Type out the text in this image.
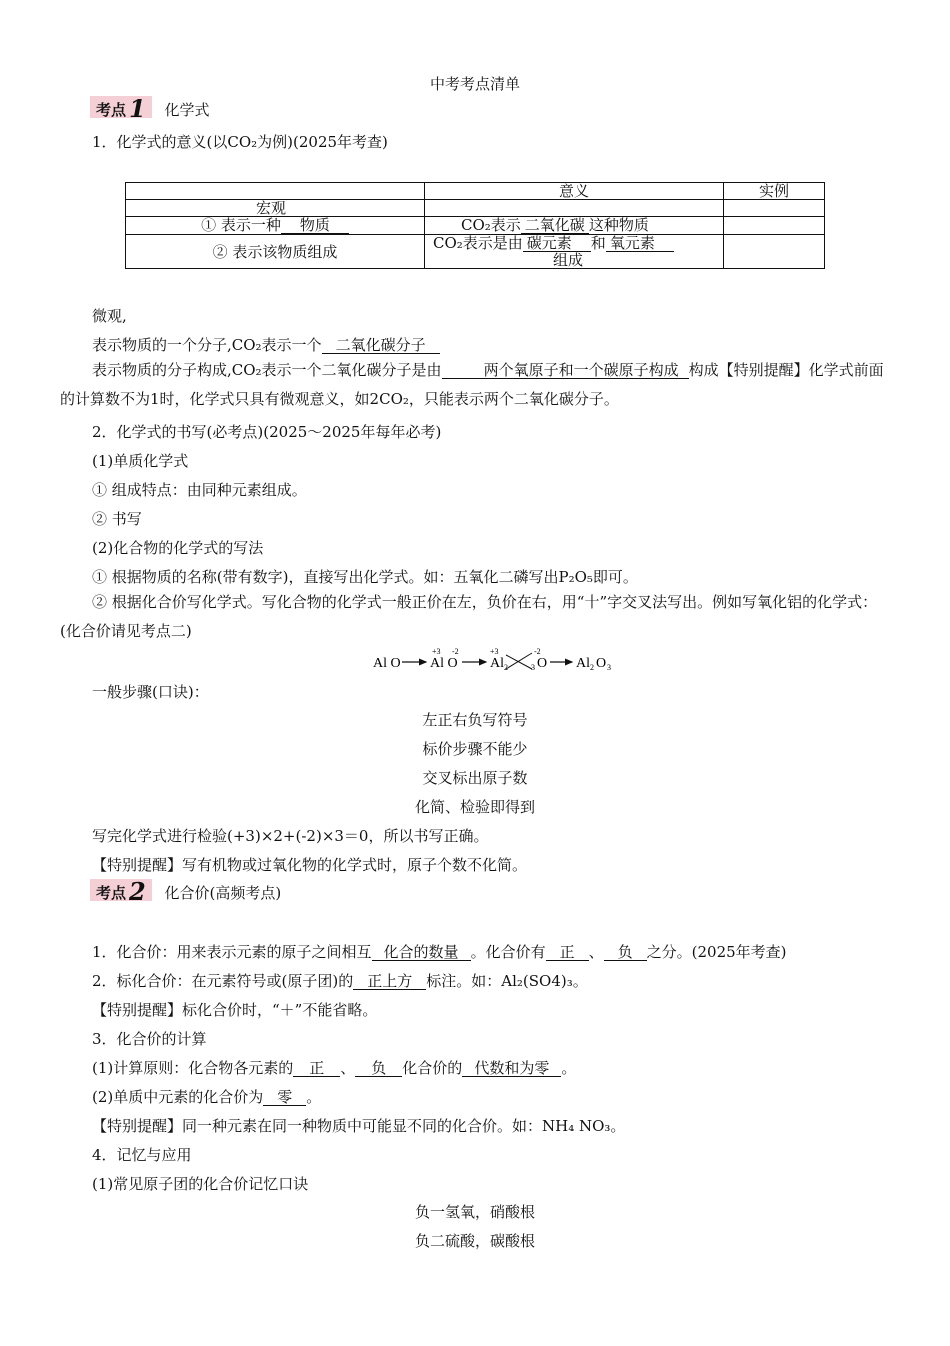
中考考点清单
考点 1 化学式
1．化学式的意义(以CO₂为例)(2025年考查)
	意义	实例
宏观		
① 表示一种 物质	CO₂表示 二氧化碳 这种物质	
② 表示该物质组成	CO₂表示是由 碳元素 和 氧元素
组成	
微观,
表示物质的一个分子,CO₂表示一个 二氧化碳分子
表示物质的分子构成,CO₂表示一个二氧化碳分子是由	两个氧原子和一个碳原子构成 构成【特别提醒】化学式前面的计算数不为1时，化学式只具有微观意义，如2CO₂，只能表示两个二氧化碳分子。
2．化学式的书写(必考点)(2025～2025年每年必考)
(1)单质化学式
① 组成特点：由同种元素组成。
② 书写
(2)化合物的化学式的写法
① 根据物质的名称(带有数字)，直接写出化学式。如：五氧化二磷写出P₂O₅即可。
② 根据化合价写化学式。写化合物的化学式一般正价在左，负价在右，用“十”字交叉法写出。例如写氧化铝的化学式：(化合价请见考点二)
Al O Al O
+3 -2
Al
+3
2
-2
3 O Al 2 O 3
一般步骤(口诀)：
左正右负写符号
标价步骤不能少
交叉标出原子数
化简、检验即得到
写完化学式进行检验(+3)×2+(-2)×3＝0，所以书写正确。
【特别提醒】写有机物或过氧化物的化学式时，原子个数不化简。
考点 2 化合价(高频考点)
1．化合价：用来表示元素的原子之间相互 化合的数量 。化合价有 正 、 负 之分。(2025年考查)
2．标化合价：在元素符号或(原子团)的 正上方 标注。如：Al₂(SO4)₃。
【特别提醒】标化合价时，“＋”不能省略。
3．化合价的计算
(1)计算原则：化合物各元素的 正 、 负 化合价的 代数和为零 。
(2)单质中元素的化合价为 零 。
【特别提醒】同一种元素在同一种物质中可能显不同的化合价。如：NH₄ NO₃。
4．记忆与应用
(1)常见原子团的化合价记忆口诀
负一氢氧，硝酸根
负二硫酸，碳酸根
